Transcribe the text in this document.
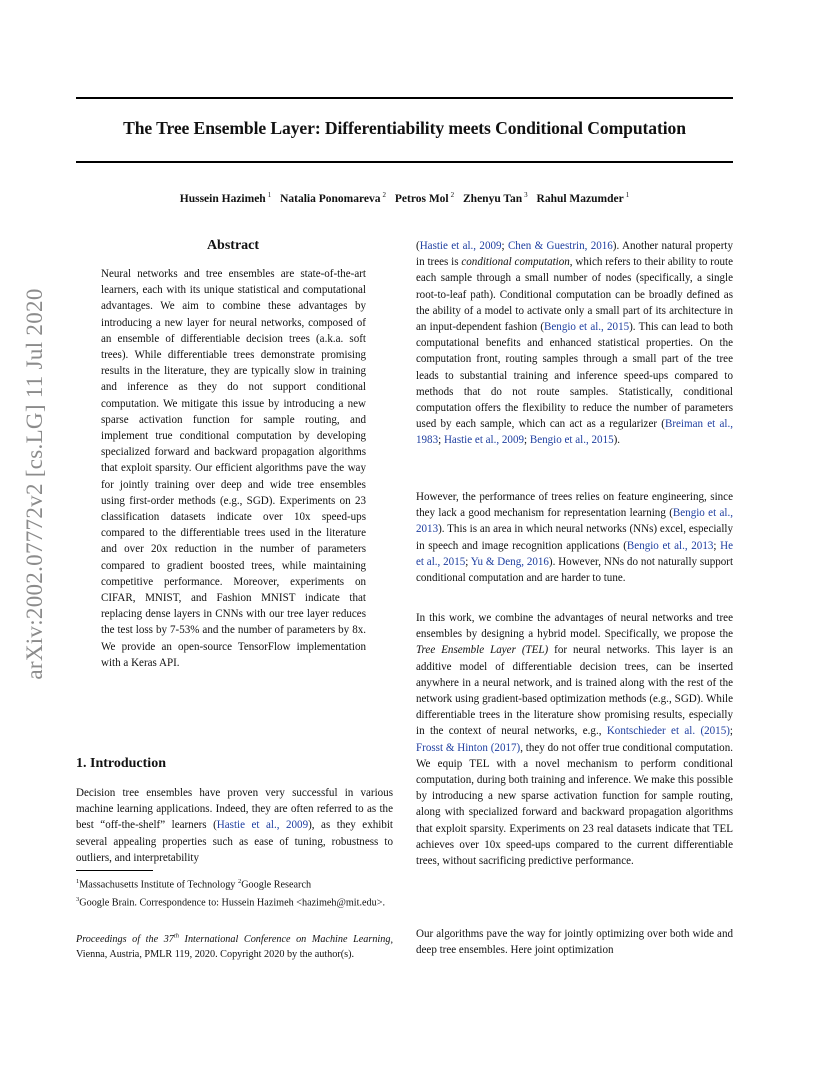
The Tree Ensemble Layer: Differentiability meets Conditional Computation
Hussein Hazimeh $^1$ Natalia Ponomareva $^2$ Petros Mol $^2$ Zhenyu Tan $^3$ Rahul Mazumder $^1$
arXiv:2002.07772v2 [cs.LG] 11 Jul 2020
Abstract

Neural networks and tree ensembles are state-of-the-art learners, each with its unique statistical and computational advantages. We aim to combine these advantages by introducing a new layer for neural networks, composed of an ensemble of differentiable decision trees (a.k.a. soft trees). While differentiable trees demonstrate promising results in the literature, they are typically slow in training and inference as they do not support conditional computation. We mitigate this issue by introducing a new sparse activation function for sample routing, and implement true conditional computation by developing specialized forward and backward propagation algorithms that exploit sparsity. Our efficient algorithms pave the way for jointly training over deep and wide tree ensembles using first-order methods (e.g., SGD). Experiments on 23 classification datasets indicate over 10x speed-ups compared to the differentiable trees used in the literature and over 20x reduction in the number of parameters compared to gradient boosted trees, while maintaining competitive performance. Moreover, experiments on CIFAR, MNIST, and Fashion MNIST indicate that replacing dense layers in CNNs with our tree layer reduces the test loss by 7-53% and the number of parameters by 8x. We provide an open-source TensorFlow implementation with a Keras API.

1. Introduction

Decision tree ensembles have proven very successful in various machine learning applications. Indeed, they are often referred to as the best “off-the-shelf” learners (Hastie et al., 2009), as they exhibit several appealing properties such as ease of tuning, robustness to outliers, and interpretability

$^1$Massachusetts Institute of Technology $^2$Google Research
$^3$Google Brain. Correspondence to: Hussein Hazimeh <hazimeh@mit.edu>.
Proceedings of the 37th International Conference on Machine Learning, Vienna, Austria, PMLR 119, 2020. Copyright 2020 by the author(s).

(Hastie et al., 2009; Chen & Guestrin, 2016). Another natural property in trees is conditional computation, which refers to their ability to route each sample through a small number of nodes (specifically, a single root-to-leaf path). Conditional computation can be broadly defined as the ability of a model to activate only a small part of its architecture in an input-dependent fashion (Bengio et al., 2015). This can lead to both computational benefits and enhanced statistical properties. On the computation front, routing samples through a small part of the tree leads to substantial training and inference speed-ups compared to methods that do not route samples. Statistically, conditional computation offers the flexibility to reduce the number of parameters used by each sample, which can act as a regularizer (Breiman et al., 1983; Hastie et al., 2009; Bengio et al., 2015).

However, the performance of trees relies on feature engineering, since they lack a good mechanism for representation learning (Bengio et al., 2013). This is an area in which neural networks (NNs) excel, especially in speech and image recognition applications (Bengio et al., 2013; He et al., 2015; Yu & Deng, 2016). However, NNs do not naturally support conditional computation and are harder to tune.

In this work, we combine the advantages of neural networks and tree ensembles by designing a hybrid model. Specifically, we propose the Tree Ensemble Layer (TEL) for neural networks. This layer is an additive model of differentiable decision trees, can be inserted anywhere in a neural network, and is trained along with the rest of the network using gradient-based optimization methods (e.g., SGD). While differentiable trees in the literature show promising results, especially in the context of neural networks, e.g., Kontschieder et al. (2015); Frosst & Hinton (2017), they do not offer true conditional computation. We equip TEL with a novel mechanism to perform conditional computation, during both training and inference. We make this possible by introducing a new sparse activation function for sample routing, along with specialized forward and backward propagation algorithms that exploit sparsity. Experiments on 23 real datasets indicate that TEL achieves over 10x speed-ups compared to the current differentiable trees, without sacrificing predictive performance.

Our algorithms pave the way for jointly optimizing over both wide and deep tree ensembles. Here joint optimization
